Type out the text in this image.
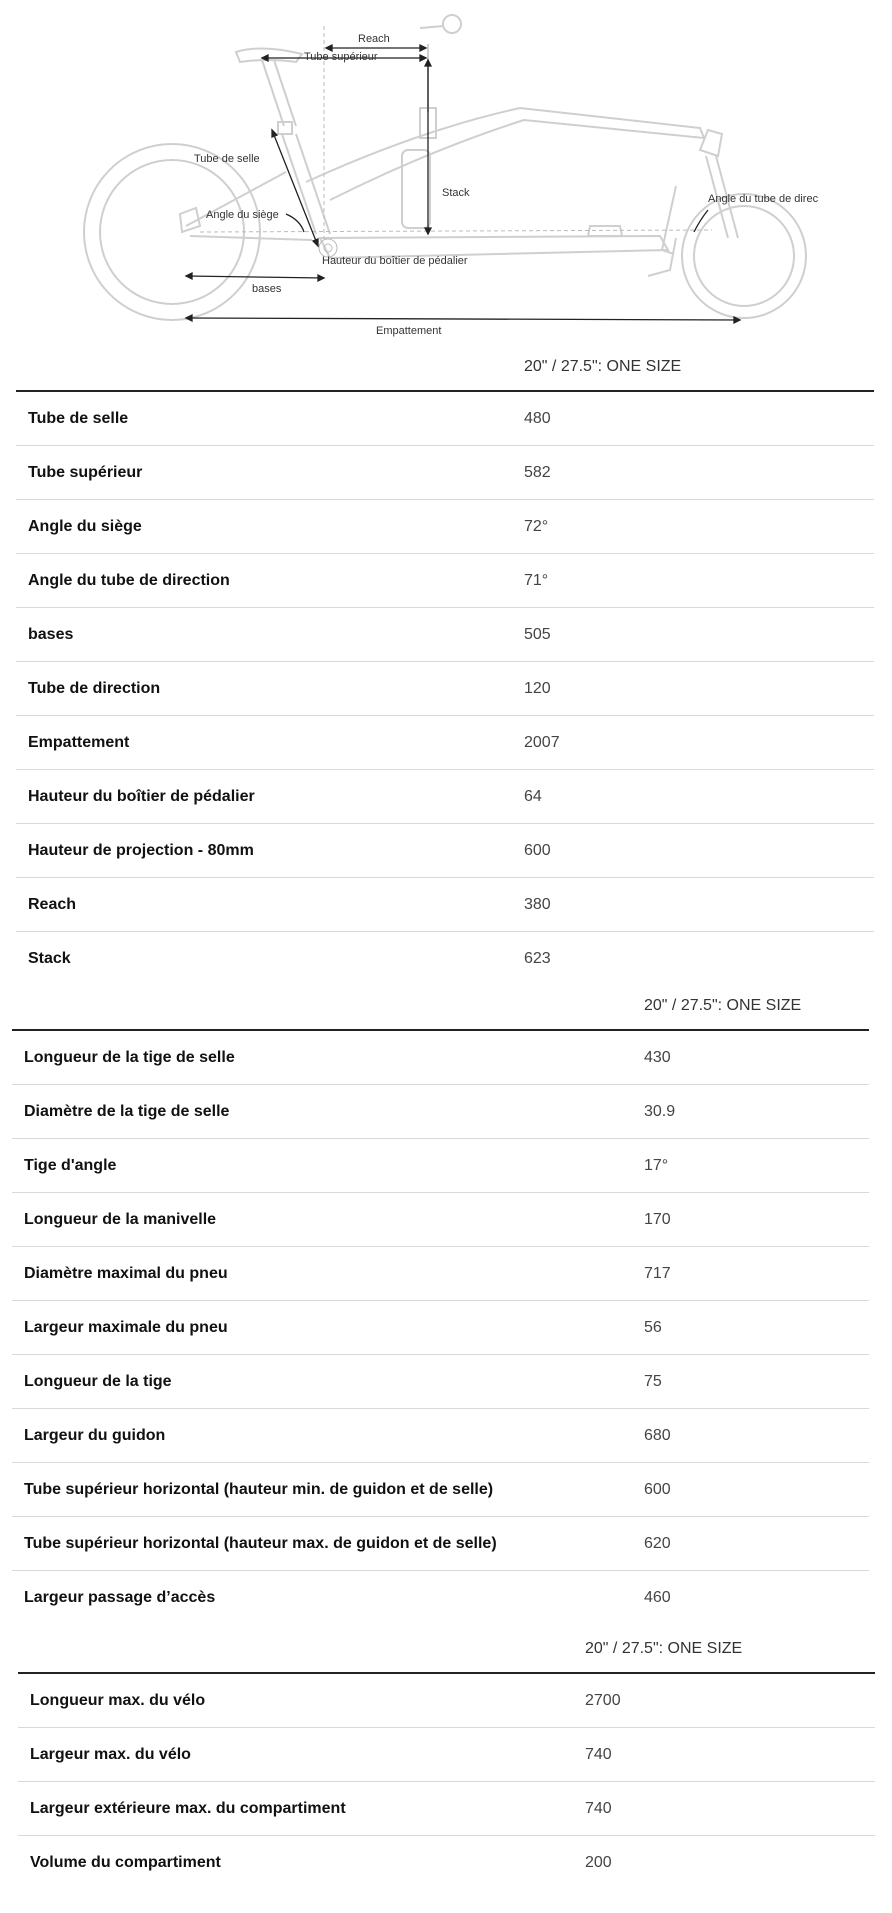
Reach
Tube supérieur
Tube de selle
Stack
Angle du siège
Angle du tube de direc
Hauteur du boîtier de pédalier
bases
Empattement
	20" / 27.5": ONE SIZE
Tube de selle	480
Tube supérieur	582
Angle du siège	72°
Angle du tube de direction	71°
bases	505
Tube de direction	120
Empattement	2007
Hauteur du boîtier de pédalier	64
Hauteur de projection - 80mm	600
Reach	380
Stack	623
	20" / 27.5": ONE SIZE
Longueur de la tige de selle	430
Diamètre de la tige de selle	30.9
Tige d'angle	17°
Longueur de la manivelle	170
Diamètre maximal du pneu	717
Largeur maximale du pneu	56
Longueur de la tige	75
Largeur du guidon	680
Tube supérieur horizontal (hauteur min. de guidon et de selle)	600
Tube supérieur horizontal (hauteur max. de guidon et de selle)	620
Largeur passage d’accès	460
	20" / 27.5": ONE SIZE
Longueur max. du vélo	2700
Largeur max. du vélo	740
Largeur extérieure max. du compartiment	740
Volume du compartiment	200
